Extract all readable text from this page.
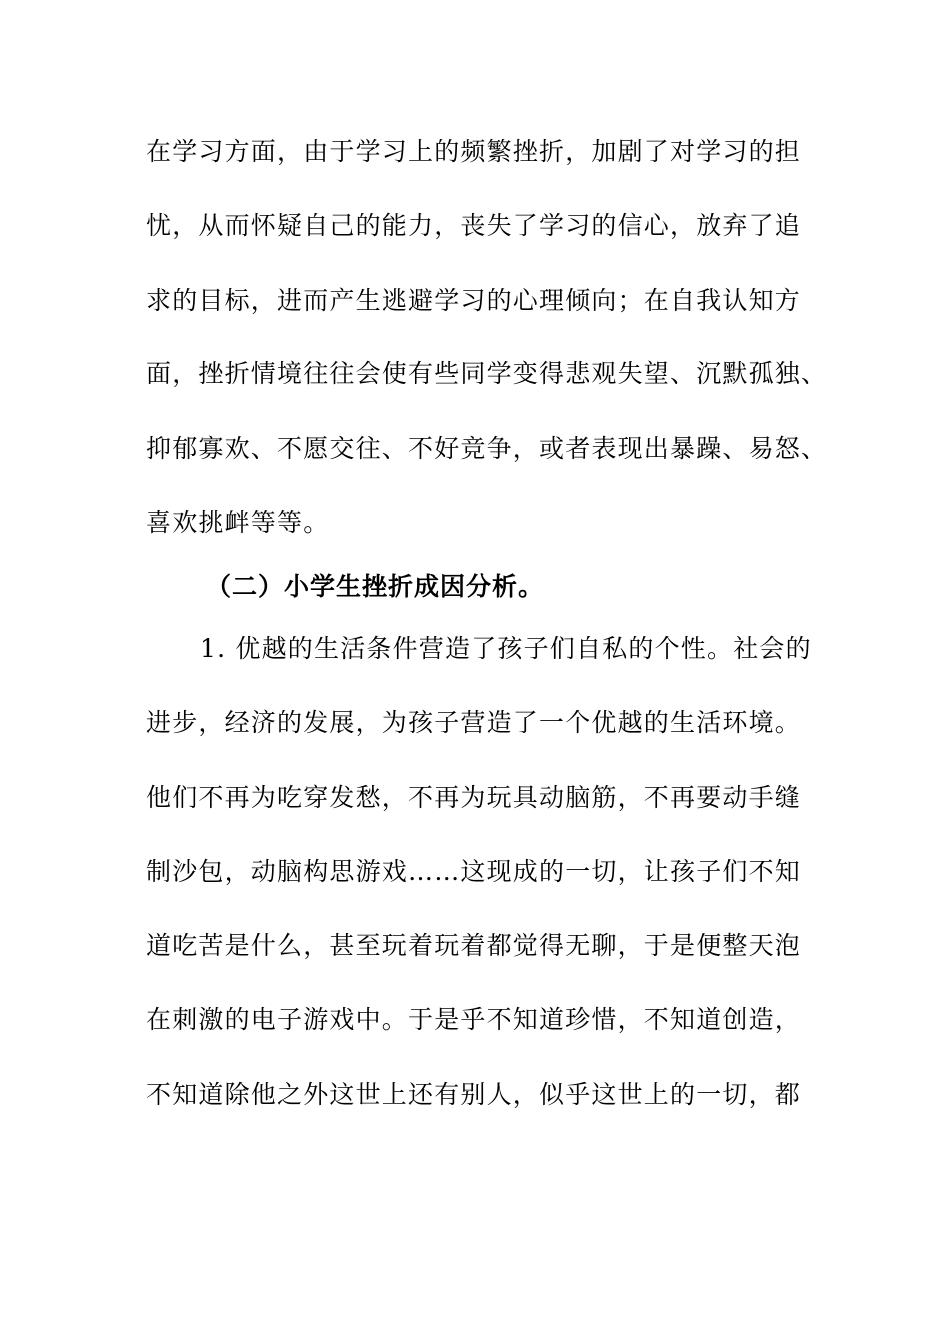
在学习方面，由于学习上的频繁挫折，加剧了对学习的担
忧，从而怀疑自己的能力，丧失了学习的信心，放弃了追
求的目标，进而产生逃避学习的心理倾向；在自我认知方
面，挫折情境往往会使有些同学变得悲观失望、沉默孤独、
抑郁寡欢、不愿交往、不好竞争，或者表现出暴躁、易怒、
喜欢挑衅等等。
（二）小学生挫折成因分析。
1. 优越的生活条件营造了孩子们自私的个性。社会的
进步，经济的发展，为孩子营造了一个优越的生活环境。
他们不再为吃穿发愁，不再为玩具动脑筋，不再要动手缝
制沙包，动脑构思游戏……这现成的一切，让孩子们不知
道吃苦是什么，甚至玩着玩着都觉得无聊，于是便整天泡
在刺激的电子游戏中。于是乎不知道珍惜，不知道创造，
不知道除他之外这世上还有别人，似乎这世上的一切，都
